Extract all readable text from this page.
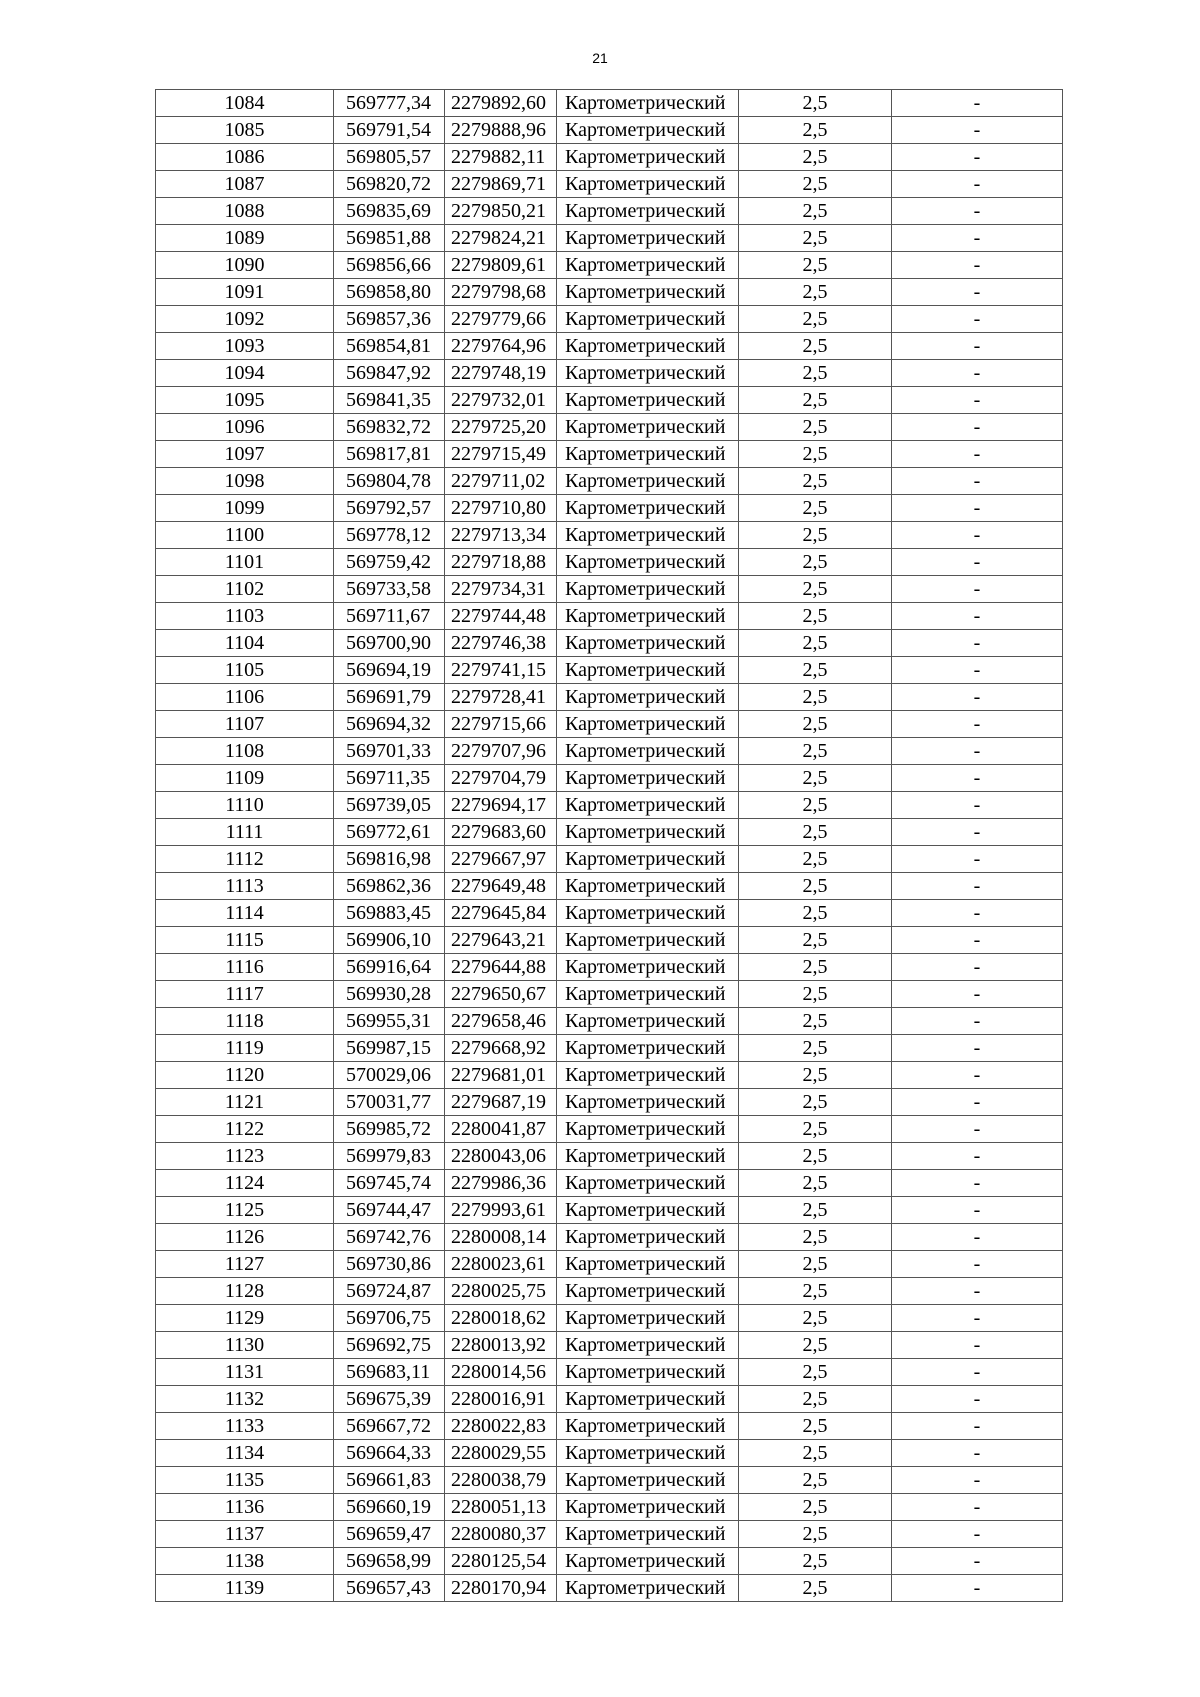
21
1084	569777,34	2279892,60	Картометрический	2,5	-
1085	569791,54	2279888,96	Картометрический	2,5	-
1086	569805,57	2279882,11	Картометрический	2,5	-
1087	569820,72	2279869,71	Картометрический	2,5	-
1088	569835,69	2279850,21	Картометрический	2,5	-
1089	569851,88	2279824,21	Картометрический	2,5	-
1090	569856,66	2279809,61	Картометрический	2,5	-
1091	569858,80	2279798,68	Картометрический	2,5	-
1092	569857,36	2279779,66	Картометрический	2,5	-
1093	569854,81	2279764,96	Картометрический	2,5	-
1094	569847,92	2279748,19	Картометрический	2,5	-
1095	569841,35	2279732,01	Картометрический	2,5	-
1096	569832,72	2279725,20	Картометрический	2,5	-
1097	569817,81	2279715,49	Картометрический	2,5	-
1098	569804,78	2279711,02	Картометрический	2,5	-
1099	569792,57	2279710,80	Картометрический	2,5	-
1100	569778,12	2279713,34	Картометрический	2,5	-
1101	569759,42	2279718,88	Картометрический	2,5	-
1102	569733,58	2279734,31	Картометрический	2,5	-
1103	569711,67	2279744,48	Картометрический	2,5	-
1104	569700,90	2279746,38	Картометрический	2,5	-
1105	569694,19	2279741,15	Картометрический	2,5	-
1106	569691,79	2279728,41	Картометрический	2,5	-
1107	569694,32	2279715,66	Картометрический	2,5	-
1108	569701,33	2279707,96	Картометрический	2,5	-
1109	569711,35	2279704,79	Картометрический	2,5	-
1110	569739,05	2279694,17	Картометрический	2,5	-
1111	569772,61	2279683,60	Картометрический	2,5	-
1112	569816,98	2279667,97	Картометрический	2,5	-
1113	569862,36	2279649,48	Картометрический	2,5	-
1114	569883,45	2279645,84	Картометрический	2,5	-
1115	569906,10	2279643,21	Картометрический	2,5	-
1116	569916,64	2279644,88	Картометрический	2,5	-
1117	569930,28	2279650,67	Картометрический	2,5	-
1118	569955,31	2279658,46	Картометрический	2,5	-
1119	569987,15	2279668,92	Картометрический	2,5	-
1120	570029,06	2279681,01	Картометрический	2,5	-
1121	570031,77	2279687,19	Картометрический	2,5	-
1122	569985,72	2280041,87	Картометрический	2,5	-
1123	569979,83	2280043,06	Картометрический	2,5	-
1124	569745,74	2279986,36	Картометрический	2,5	-
1125	569744,47	2279993,61	Картометрический	2,5	-
1126	569742,76	2280008,14	Картометрический	2,5	-
1127	569730,86	2280023,61	Картометрический	2,5	-
1128	569724,87	2280025,75	Картометрический	2,5	-
1129	569706,75	2280018,62	Картометрический	2,5	-
1130	569692,75	2280013,92	Картометрический	2,5	-
1131	569683,11	2280014,56	Картометрический	2,5	-
1132	569675,39	2280016,91	Картометрический	2,5	-
1133	569667,72	2280022,83	Картометрический	2,5	-
1134	569664,33	2280029,55	Картометрический	2,5	-
1135	569661,83	2280038,79	Картометрический	2,5	-
1136	569660,19	2280051,13	Картометрический	2,5	-
1137	569659,47	2280080,37	Картометрический	2,5	-
1138	569658,99	2280125,54	Картометрический	2,5	-
1139	569657,43	2280170,94	Картометрический	2,5	-
